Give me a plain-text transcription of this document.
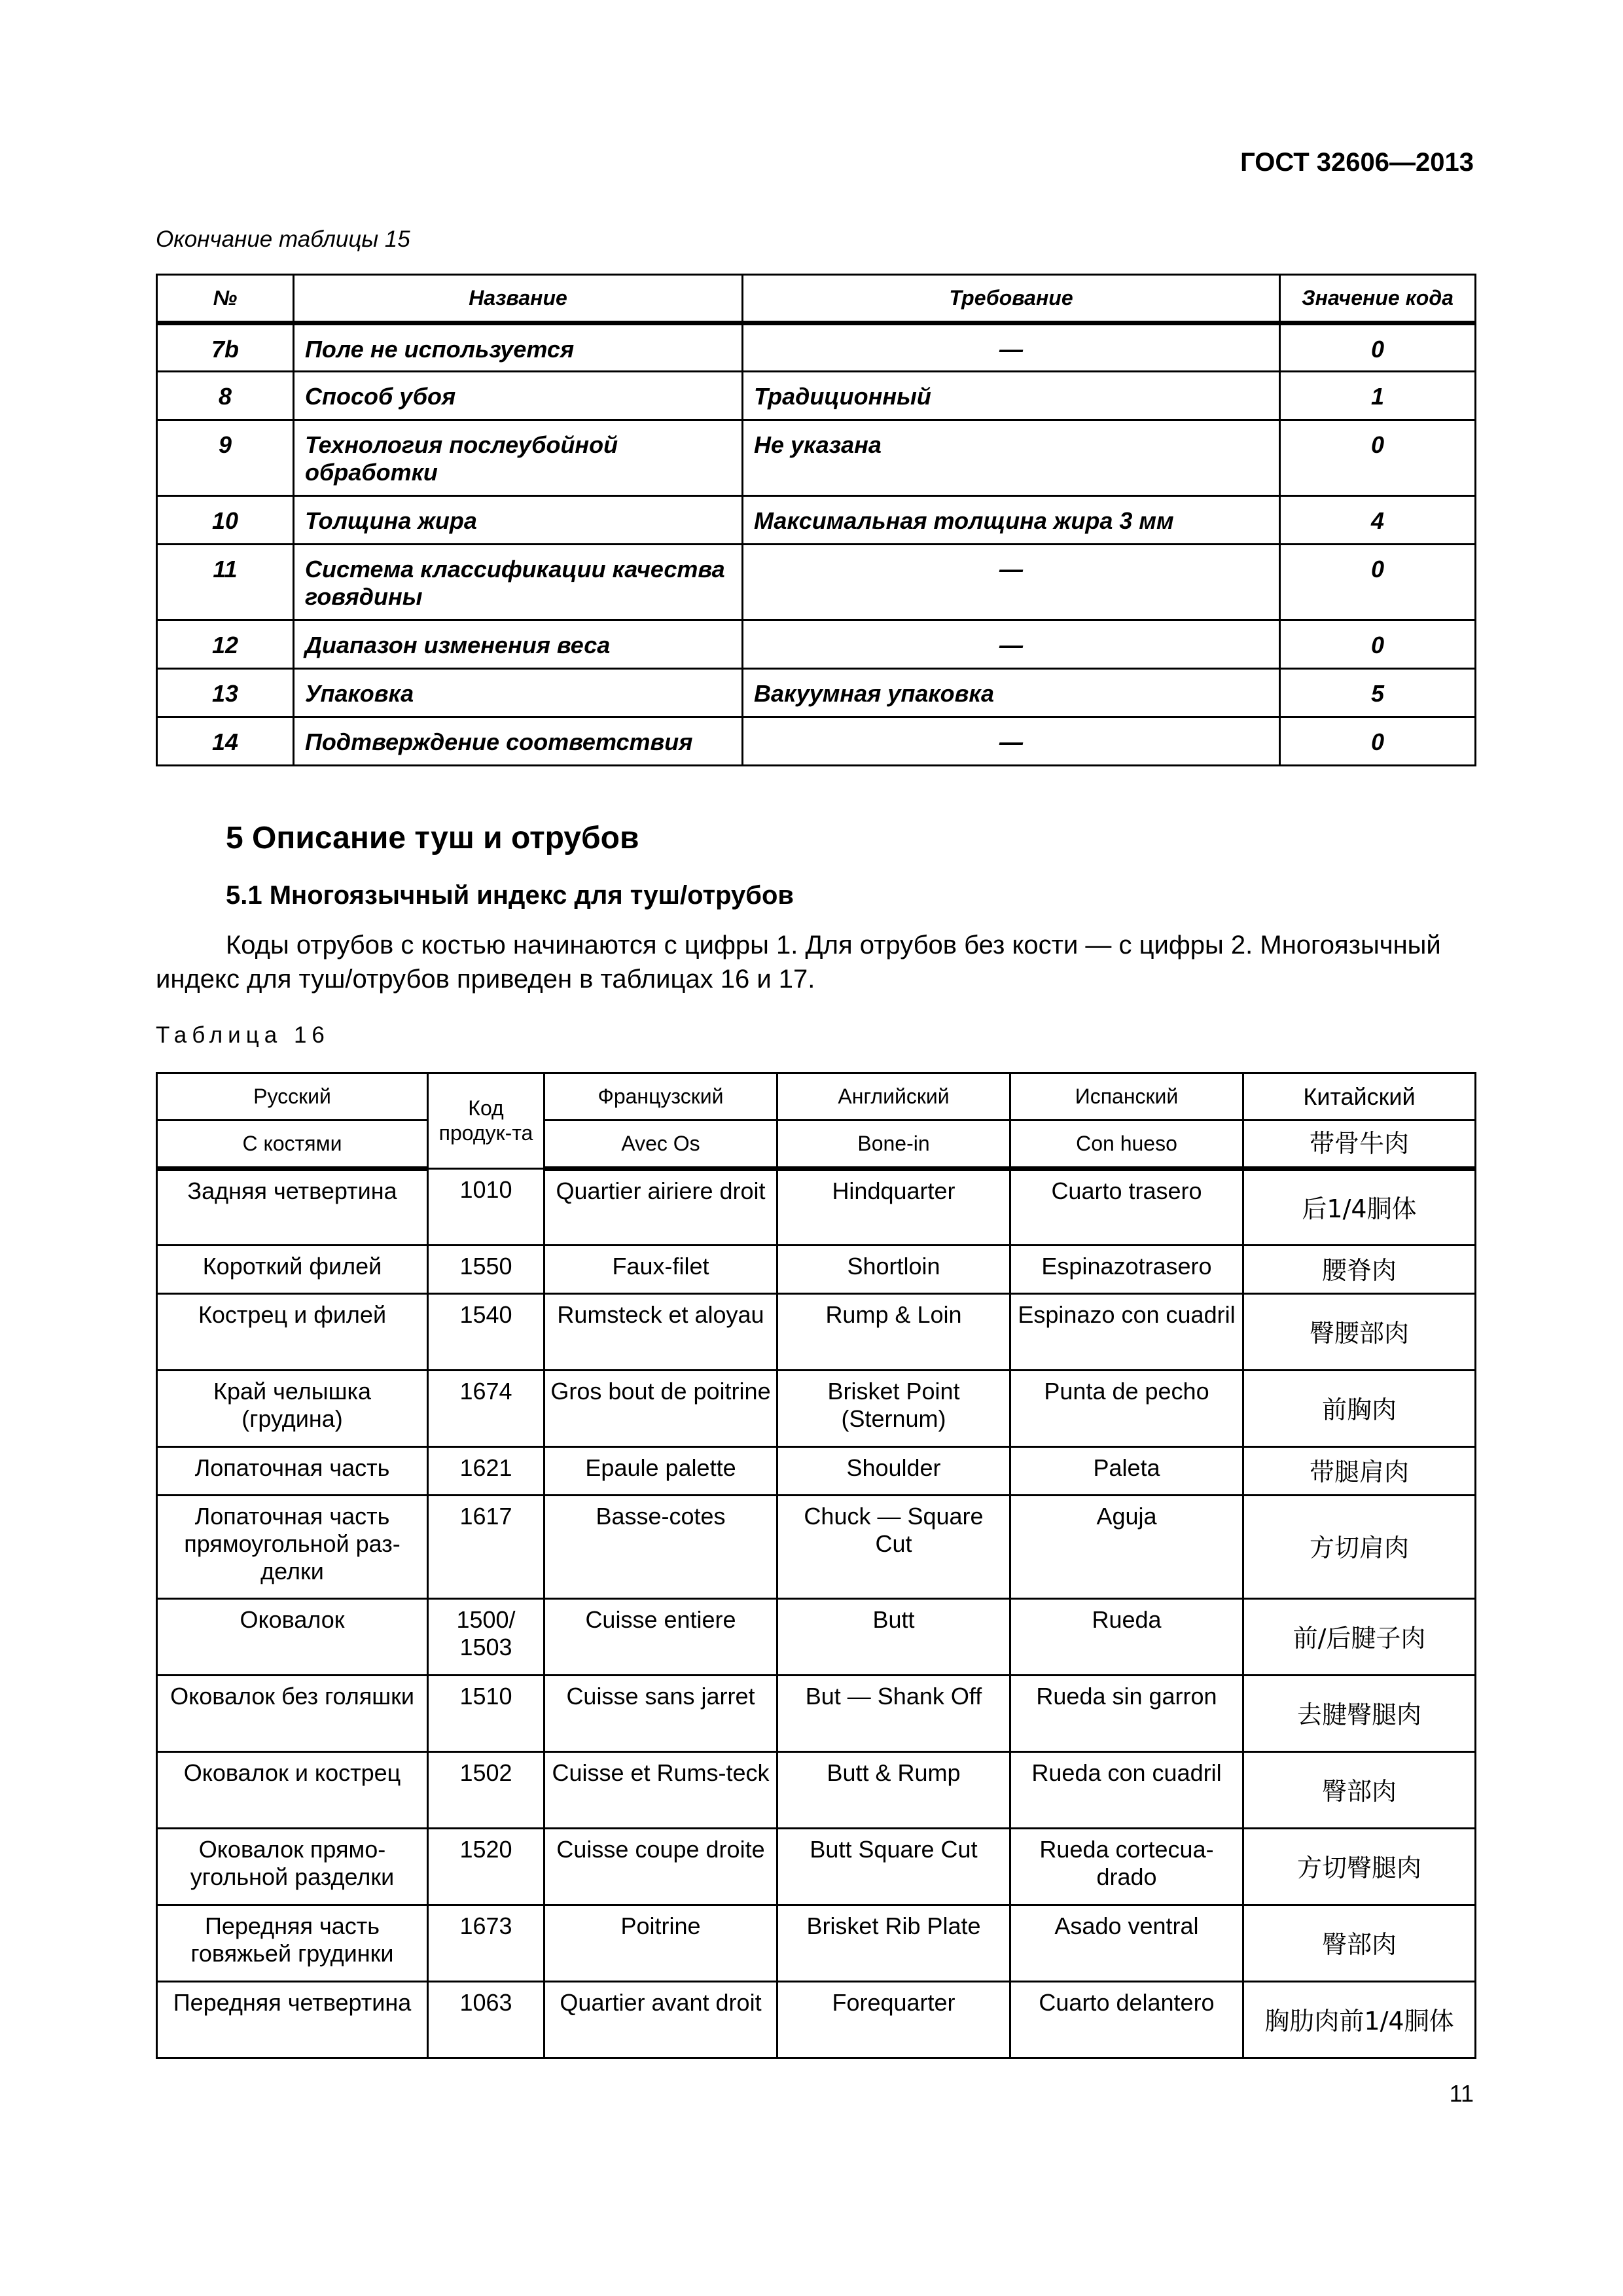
ГОСТ 32606—2013
Окончание таблицы 15
№	Название	Требование	Значение кода
7b	Поле не используется	—	0
8	Способ убоя	Традиционный	1
9	Технология послеубойной обработки	Не указана	0
10	Толщина жира	Максимальная толщина жира 3 мм	4
11	Система классификации качества говядины	—	0
12	Диапазон изменения веса	—	0
13	Упаковка	Вакуумная упаковка	5
14	Подтверждение соответствия	—	0
5 Описание туш и отрубов
5.1 Многоязычный индекс для туш/отрубов
Коды отрубов с костью начинаются с цифры 1. Для отрубов без кости — с цифры 2. Многоязычный индекс для туш/отрубов приведен в таблицах 16 и 17.
Таблица 16
Русский	Код продук-та	Французский	Английский	Испанский	Китайский
С костями		Avec Os	Bone-in	Con hueso	带骨牛肉
Задняя четвертина	1010	Quartier airiere droit	Hindquarter	Cuarto trasero	后1/4胴体
Короткий филей	1550	Faux-filet	Shortloin	Espinazotrasero	腰脊肉
Кострец и филей	1540	Rumsteck et aloyau	Rump & Loin	Espinazo con cuadril	臀腰部肉
Край челышка (грудина)	1674	Gros bout de poitrine	Brisket Point (Sternum)	Punta de pecho	前胸肉
Лопаточная часть	1621	Epaule palette	Shoulder	Paleta	带腿肩肉
Лопаточная часть прямоугольной раз-делки	1617	Basse-cotes	Chuck — Square Cut	Aguja	方切肩肉
Оковалок	1500/ 1503	Cuisse entiere	Butt	Rueda	前/后腱子肉
Оковалок без голяшки	1510	Cuisse sans jarret	But — Shank Off	Rueda sin garron	去腱臀腿肉
Оковалок и кострец	1502	Cuisse et Rums-teck	Butt & Rump	Rueda con cuadril	臀部肉
Оковалок прямо-угольной разделки	1520	Cuisse coupe droite	Butt Square Cut	Rueda cortecua-drado	方切臀腿肉
Передняя часть говяжьей грудинки	1673	Poitrine	Brisket Rib Plate	Asado ventral	臀部肉
Передняя четвертина	1063	Quartier avant droit	Forequarter	Cuarto delantero	胸肋肉前1/4胴体
11
